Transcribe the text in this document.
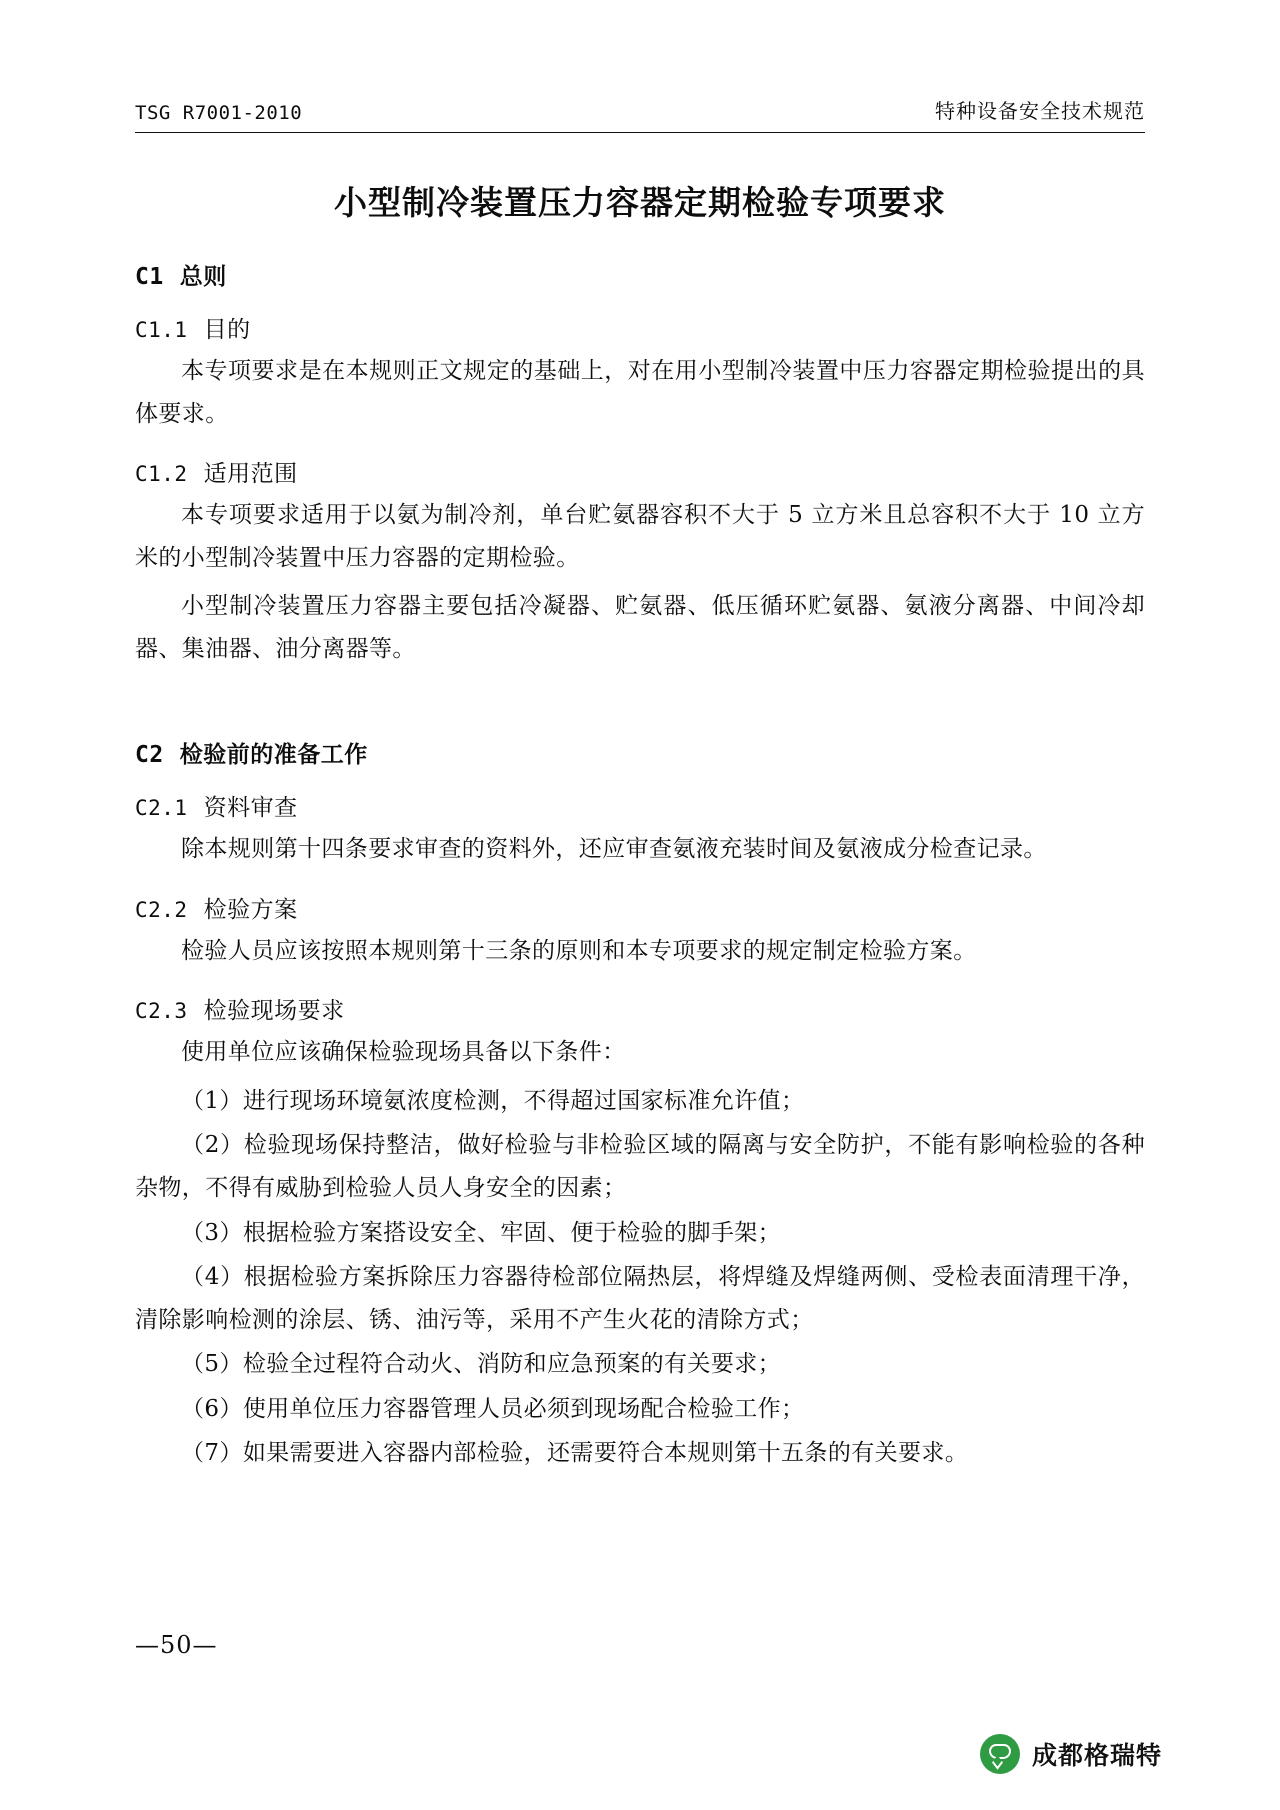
TSG R7001-2010	特种设备安全技术规范
小型制冷装置压力容器定期检验专项要求
C1 总则
C1.1 目的

本专项要求是在本规则正文规定的基础上，对在用小型制冷装置中压力容器定期检验提出的具体要求。

C1.2 适用范围

本专项要求适用于以氨为制冷剂，单台贮氨器容积不大于 5 立方米且总容积不大于 10 立方米的小型制冷装置中压力容器的定期检验。

小型制冷装置压力容器主要包括冷凝器、贮氨器、低压循环贮氨器、氨液分离器、中间冷却器、集油器、油分离器等。

C2 检验前的准备工作
C2.1 资料审查

除本规则第十四条要求审查的资料外，还应审查氨液充装时间及氨液成分检查记录。

C2.2 检验方案

检验人员应该按照本规则第十三条的原则和本专项要求的规定制定检验方案。

C2.3 检验现场要求

使用单位应该确保检验现场具备以下条件：

（1）进行现场环境氨浓度检测，不得超过国家标准允许值；

（2）检验现场保持整洁，做好检验与非检验区域的隔离与安全防护，不能有影响检验的各种杂物，不得有威胁到检验人员人身安全的因素；

（3）根据检验方案搭设安全、牢固、便于检验的脚手架；

（4）根据检验方案拆除压力容器待检部位隔热层，将焊缝及焊缝两侧、受检表面清理干净，清除影响检测的涂层、锈、油污等，采用不产生火花的清除方式；

（5）检验全过程符合动火、消防和应急预案的有关要求；

（6）使用单位压力容器管理人员必须到现场配合检验工作；

（7）如果需要进入容器内部检验，还需要符合本规则第十五条的有关要求。

—50—
成都格瑞特
